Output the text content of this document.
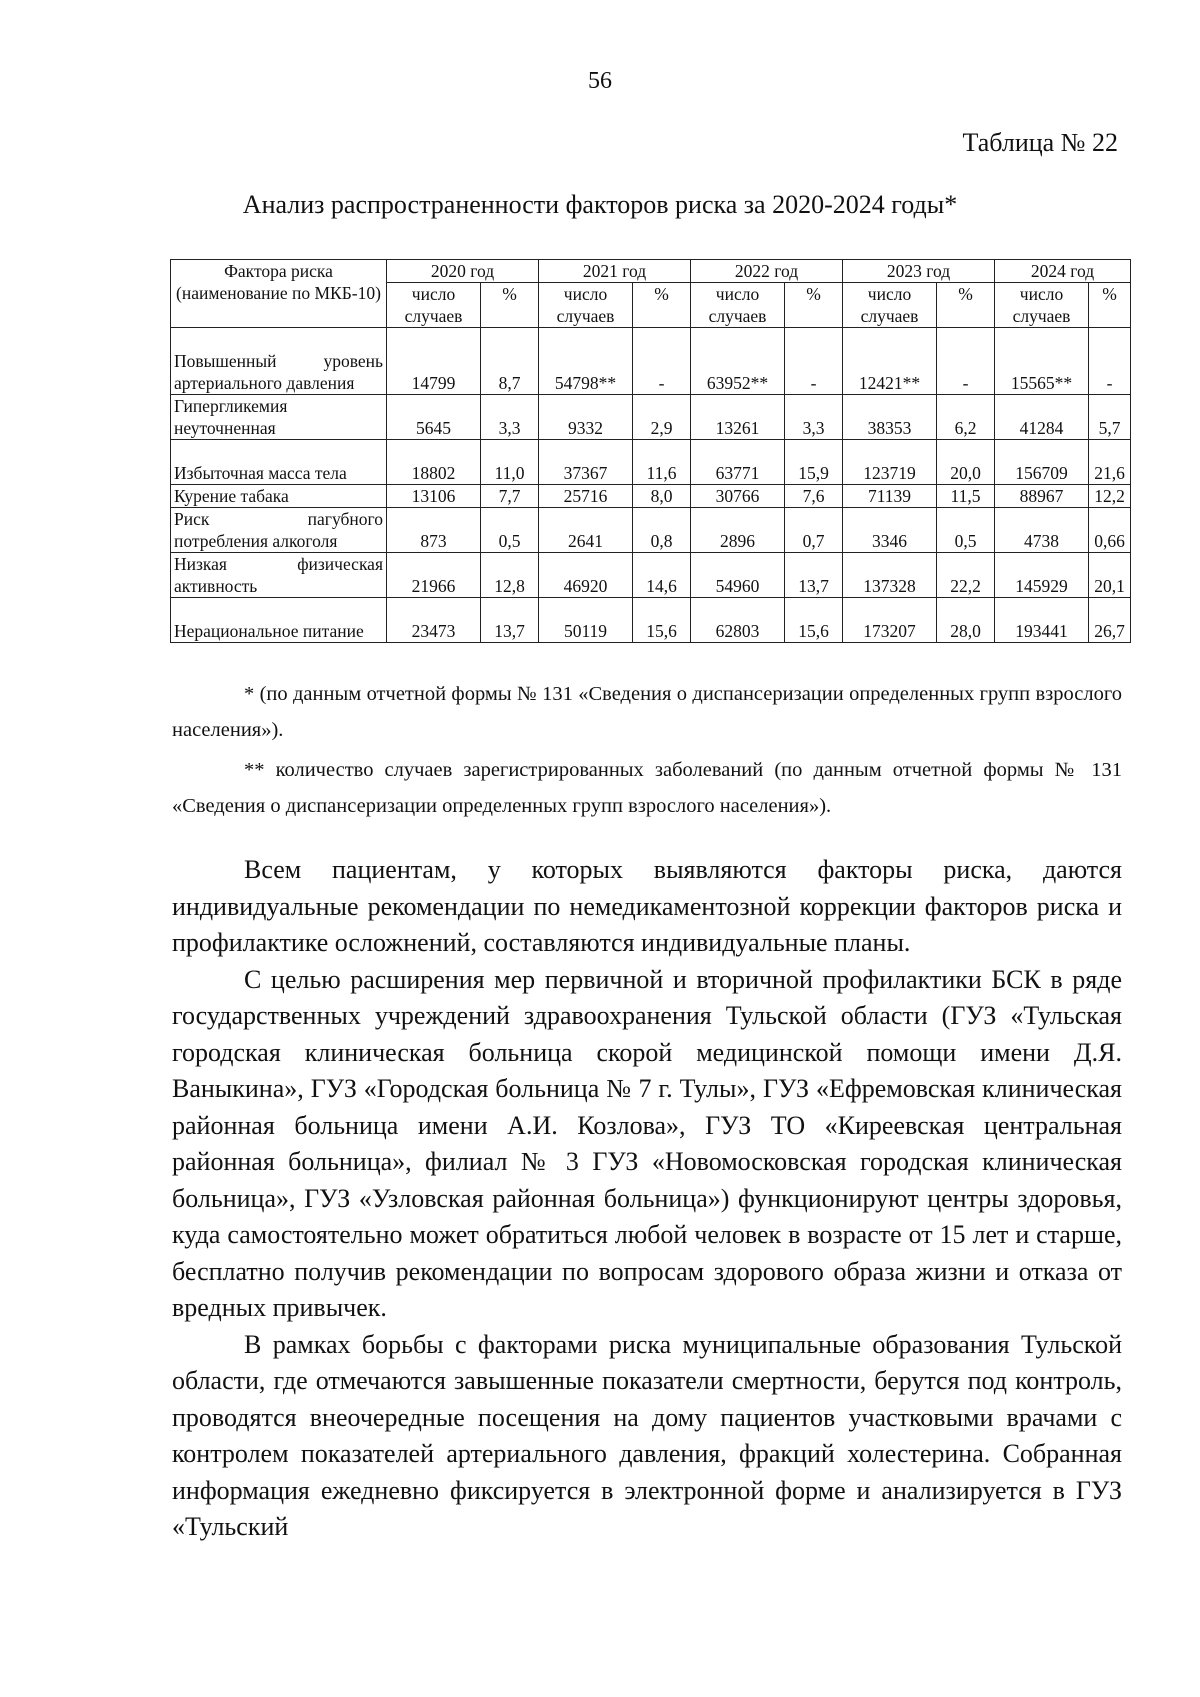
56
Таблица № 22
Анализ распространенности факторов риска за 2020-2024 годы*
Фактора риска (наименование по МКБ-10)	2020 год		2021 год		2022 год		2023 год		2024 год	
	число случаев	%	число случаев	%	число случаев	%	число случаев	%	число случаев	%
Повышенный уровень артериального давления	14799	8,7	54798**	-	63952**	-	12421**	-	15565**	-
Гипергликемия неуточненная	5645	3,3	9332	2,9	13261	3,3	38353	6,2	41284	5,7
Избыточная масса тела	18802	11,0	37367	11,6	63771	15,9	123719	20,0	156709	21,6
Курение табака	13106	7,7	25716	8,0	30766	7,6	71139	11,5	88967	12,2
Риск пагубного потребления алкоголя	873	0,5	2641	0,8	2896	0,7	3346	0,5	4738	0,66
Низкая физическая активность	21966	12,8	46920	14,6	54960	13,7	137328	22,2	145929	20,1
Нерациональное питание	23473	13,7	50119	15,6	62803	15,6	173207	28,0	193441	26,7
* (по данным отчетной формы № 131 «Сведения о диспансеризации определенных групп взрослого населения»).
** количество случаев зарегистрированных заболеваний (по данным отчетной формы № 131 «Сведения о диспансеризации определенных групп взрослого населения»).

Всем пациентам, у которых выявляются факторы риска, даются индивидуальные рекомендации по немедикаментозной коррекции факторов риска и профилактике осложнений, составляются индивидуальные планы.

С целью расширения мер первичной и вторичной профилактики БСК в ряде государственных учреждений здравоохранения Тульской области (ГУЗ «Тульская городская клиническая больница скорой медицинской помощи имени Д.Я. Ваныкина», ГУЗ «Городская больница № 7 г. Тулы», ГУЗ «Ефремовская клиническая районная больница имени А.И. Козлова», ГУЗ ТО «Киреевская центральная районная больница», филиал № 3 ГУЗ «Новомосковская городская клиническая больница», ГУЗ «Узловская районная больница») функционируют центры здоровья, куда самостоятельно может обратиться любой человек в возрасте от 15 лет и старше, бесплатно получив рекомендации по вопросам здорового образа жизни и отказа от вредных привычек.

В рамках борьбы с факторами риска муниципальные образования Тульской области, где отмечаются завышенные показатели смертности, берутся под контроль, проводятся внеочередные посещения на дому пациентов участковыми врачами с контролем показателей артериального давления, фракций холестерина. Собранная информация ежедневно фиксируется в электронной форме и анализируется в ГУЗ «Тульский
